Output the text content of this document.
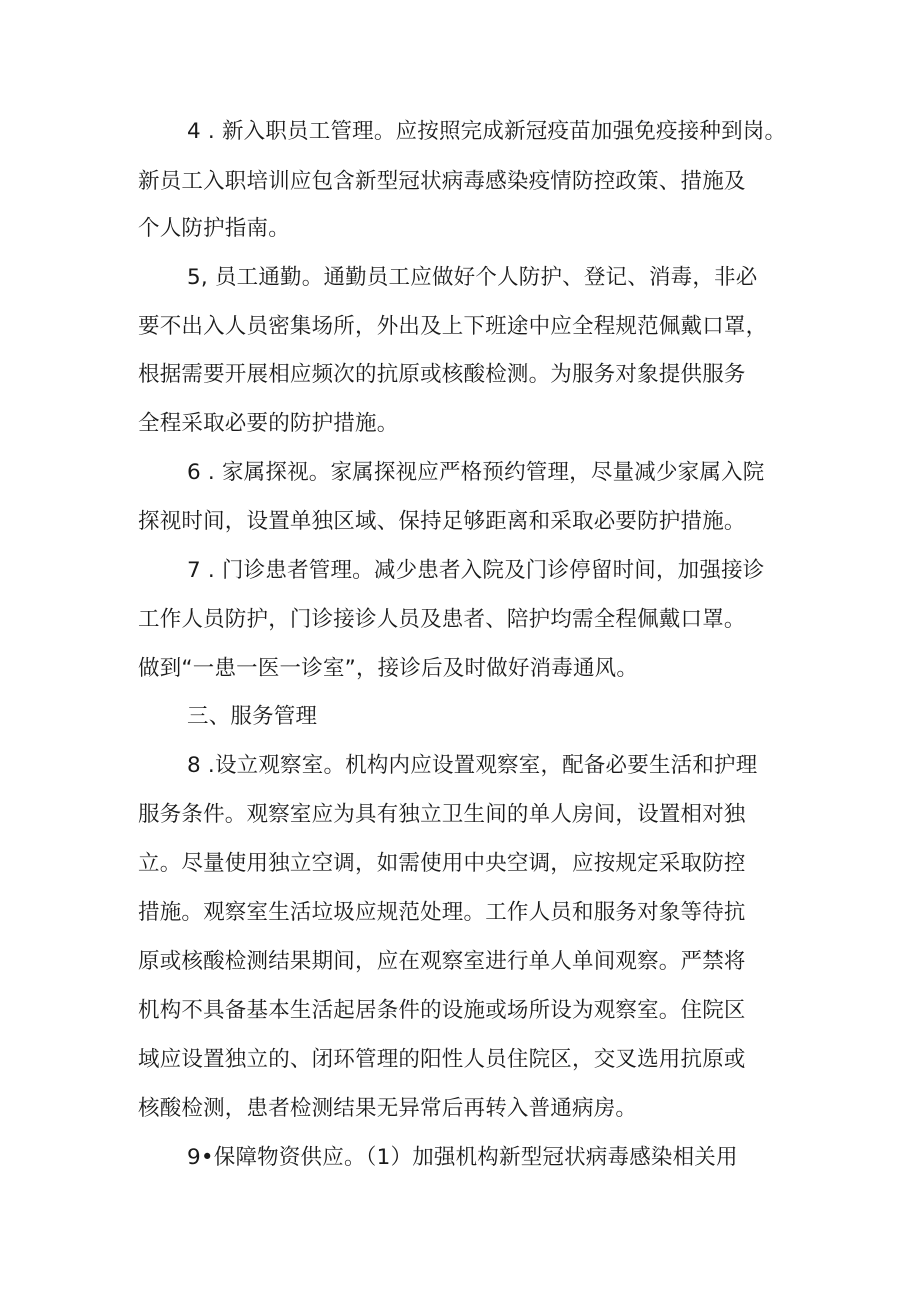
4 . 新入职员工管理。应按照完成新冠疫苗加强免疫接种到岗。
新员工入职培训应包含新型冠状病毒感染疫情防控政策、措施及
个人防护指南。
5, 员工通勤。通勤员工应做好个人防护、登记、消毒，非必
要不出入人员密集场所，外出及上下班途中应全程规范佩戴口罩，
根据需要开展相应频次的抗原或核酸检测。为服务对象提供服务
全程采取必要的防护措施。
6 . 家属探视。家属探视应严格预约管理，尽量减少家属入院
探视时间，设置单独区域、保持足够距离和采取必要防护措施。
7 . 门诊患者管理。减少患者入院及门诊停留时间，加强接诊
工作人员防护，门诊接诊人员及患者、陪护均需全程佩戴口罩。
做到“一患一医一诊室”，接诊后及时做好消毒通风。
三、服务管理
8 .设立观察室。机构内应设置观察室，配备必要生活和护理
服务条件。观察室应为具有独立卫生间的单人房间，设置相对独
立。尽量使用独立空调，如需使用中央空调，应按规定采取防控
措施。观察室生活垃圾应规范处理。工作人员和服务对象等待抗
原或核酸检测结果期间，应在观察室进行单人单间观察。严禁将
机构不具备基本生活起居条件的设施或场所设为观察室。住院区
域应设置独立的、闭环管理的阳性人员住院区，交叉选用抗原或
核酸检测，患者检测结果无异常后再转入普通病房。
9•保障物资供应。（1）加强机构新型冠状病毒感染相关用
